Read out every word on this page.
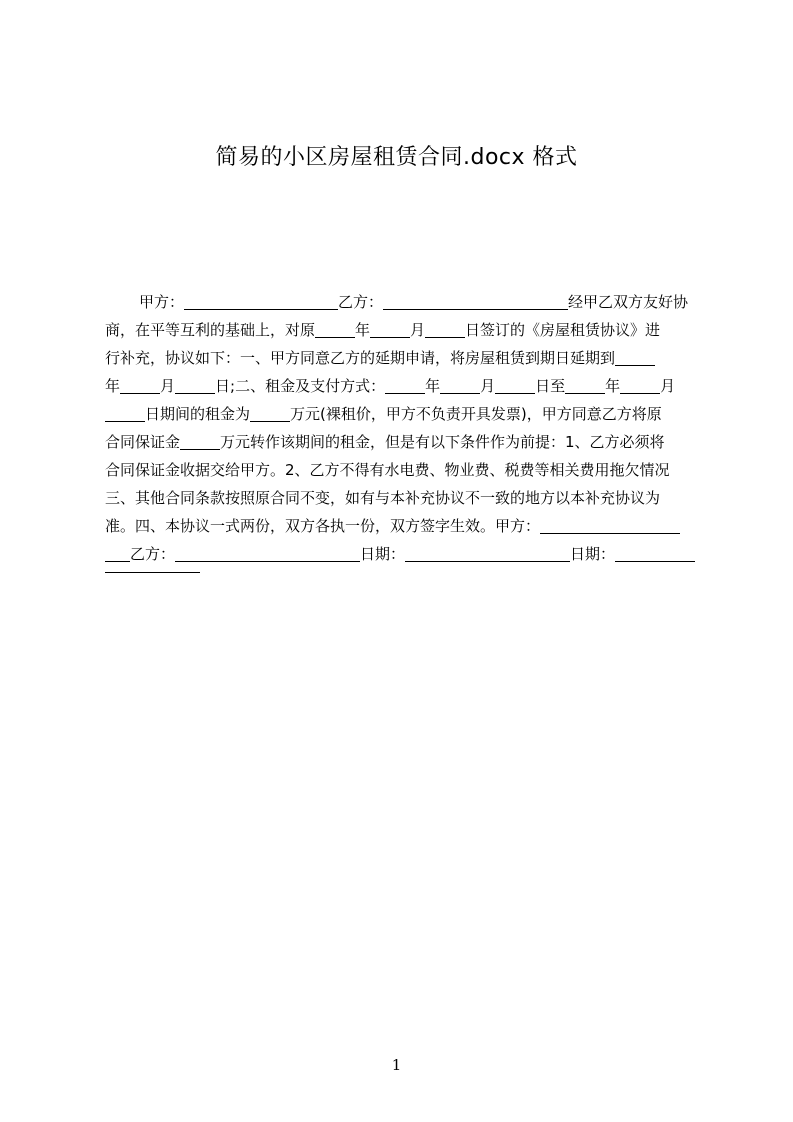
简易的小区房屋租赁合同.docx 格式
甲方：	乙方：	经甲乙双方友好协
商，在平等互利的基础上，对原	年	月	日签订的《房屋租赁协议》进
行补充，协议如下：一、甲方同意乙方的延期申请，将房屋租赁到期日延期到
年	月	日;二、租金及支付方式：	年	月	日至	年	月
日期间的租金为	万元(裸租价，甲方不负责开具发票)，甲方同意乙方将原
合同保证金	万元转作该期间的租金，但是有以下条件作为前提：1、乙方必须将
合同保证金收据交给甲方。2、乙方不得有水电费、物业费、税费等相关费用拖欠情况
三、其他合同条款按照原合同不变，如有与本补充协议不一致的地方以本补充协议为
准。四、本协议一式两份，双方各执一份，双方签字生效。甲方：
乙方：	日期：	日期：
1
